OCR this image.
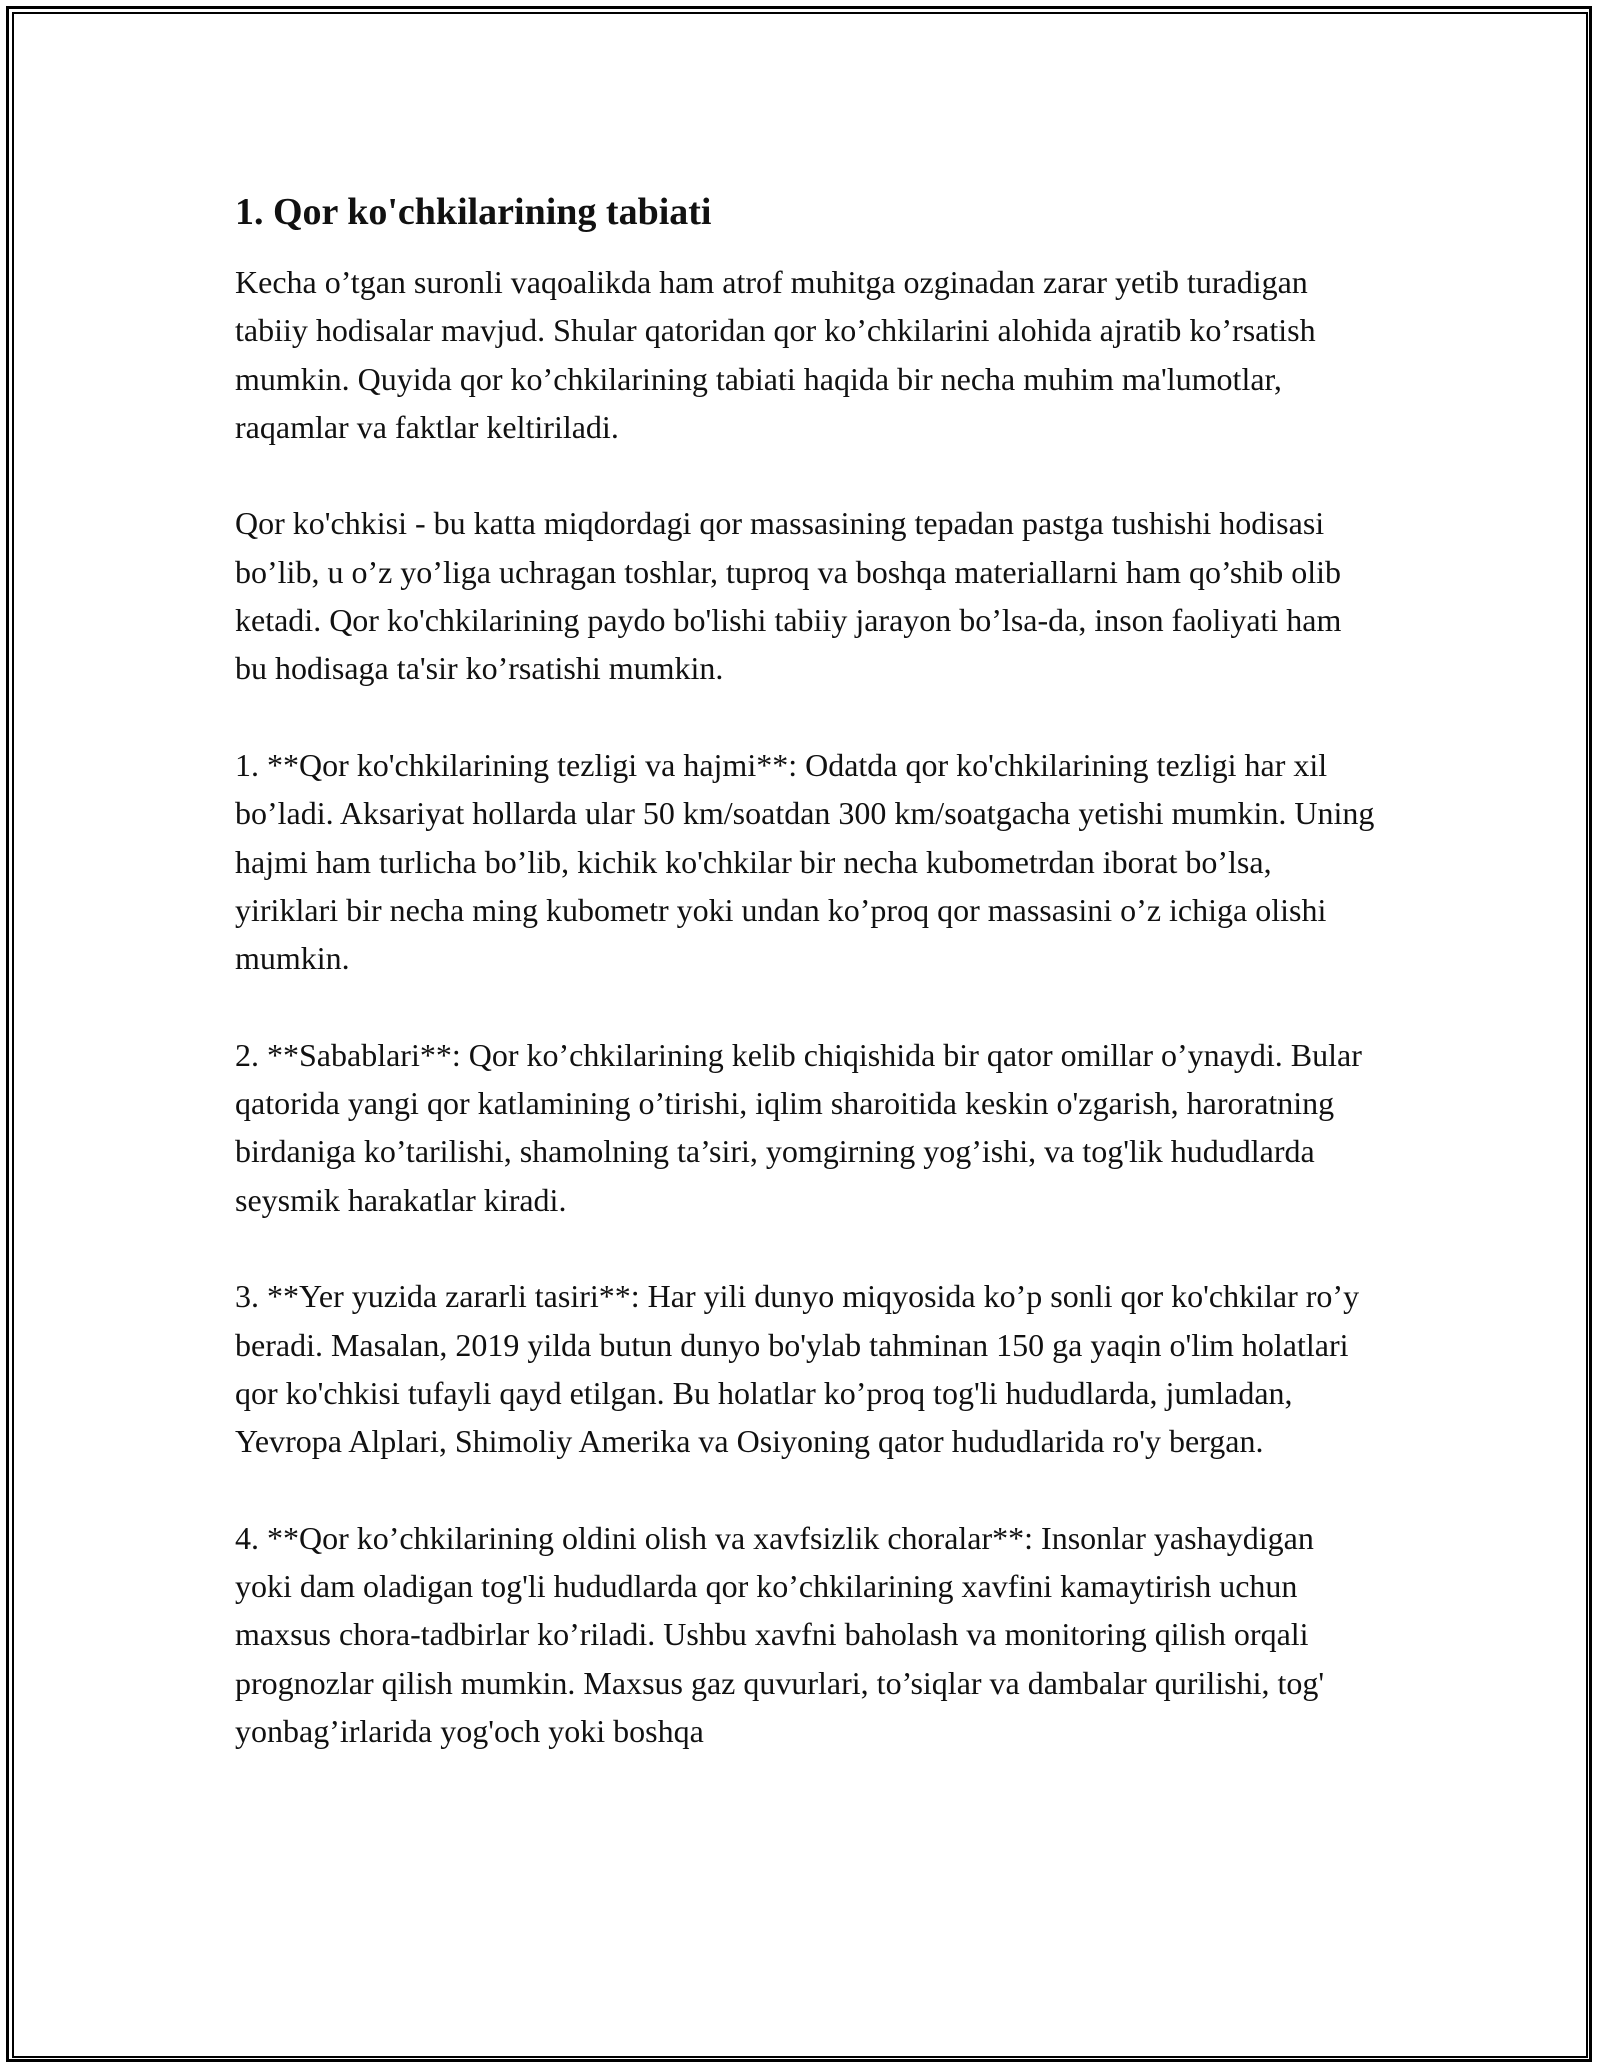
1. Qor ko'chkilarining tabiati

Kecha o’tgan suronli vaqoalikda ham atrof muhitga ozginadan zarar yetib turadigan tabiiy hodisalar mavjud. Shular qatoridan qor ko’chkilarini alohida ajratib ko’rsatish mumkin. Quyida qor ko’chkilarining tabiati haqida bir necha muhim ma'lumotlar, raqamlar va faktlar keltiriladi.

Qor ko'chkisi - bu katta miqdordagi qor massasining tepadan pastga tushishi hodisasi bo’lib, u o’z yo’liga uchragan toshlar, tuproq va boshqa materiallarni ham qo’shib olib ketadi. Qor ko'chkilarining paydo bo'lishi tabiiy jarayon bo’lsa-da, inson faoliyati ham bu hodisaga ta'sir ko’rsatishi mumkin.

1. **Qor ko'chkilarining tezligi va hajmi**: Odatda qor ko'chkilarining tezligi har xil bo’ladi. Aksariyat hollarda ular 50 km/soatdan 300 km/soatgacha yetishi mumkin. Uning hajmi ham turlicha bo’lib, kichik ko'chkilar bir necha kubometrdan iborat bo’lsa, yiriklari bir necha ming kubometr yoki undan ko’proq qor massasini o’z ichiga olishi mumkin.

2. **Sabablari**: Qor ko’chkilarining kelib chiqishida bir qator omillar o’ynaydi. Bular qatorida yangi qor katlamining o’tirishi, iqlim sharoitida keskin o'zgarish, haroratning birdaniga ko’tarilishi, shamolning ta’siri, yomgirning yog’ishi, va tog'lik hududlarda seysmik harakatlar kiradi.

3. **Yer yuzida zararli tasiri**: Har yili dunyo miqyosida ko’p sonli qor ko'chkilar ro’y beradi. Masalan, 2019 yilda butun dunyo bo'ylab tahminan 150 ga yaqin o'lim holatlari qor ko'chkisi tufayli qayd etilgan. Bu holatlar ko’proq tog'li hududlarda, jumladan, Yevropa Alplari, Shimoliy Amerika va Osiyoning qator hududlarida ro'y bergan.

4. **Qor ko’chkilarining oldini olish va xavfsizlik choralar**: Insonlar yashaydigan yoki dam oladigan tog'li hududlarda qor ko’chkilarining xavfini kamaytirish uchun maxsus chora-tadbirlar ko’riladi. Ushbu xavfni baholash va monitoring qilish orqali prognozlar qilish mumkin. Maxsus gaz quvurlari, to’siqlar va dambalar qurilishi, tog' yonbag’irlarida yog'och yoki boshqa
